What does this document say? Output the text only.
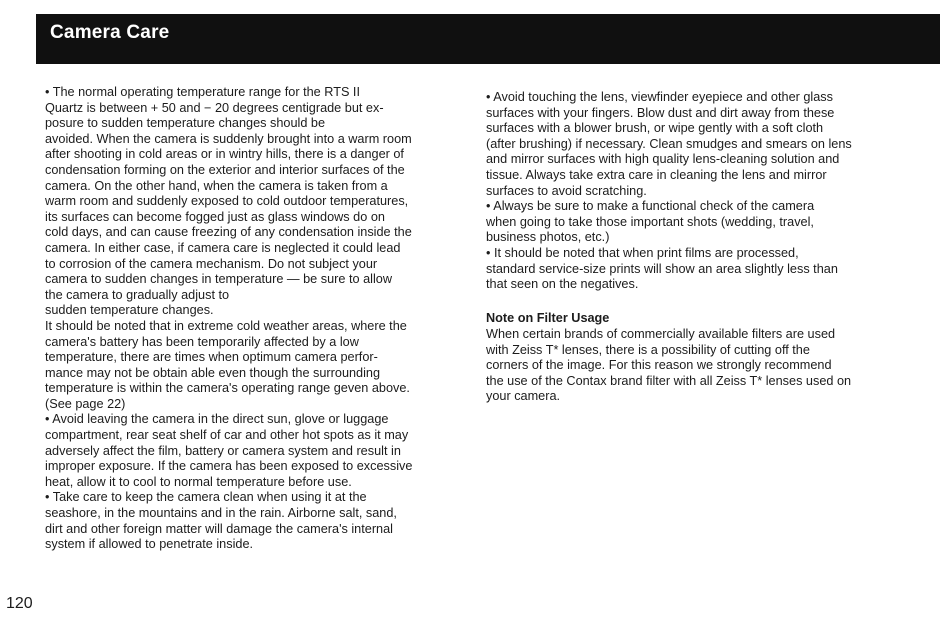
Camera Care
• The normal operating temperature range for the RTS II
Quartz is between + 50 and − 20 degrees centigrade but ex-
posure to sudden temperature changes should be
avoided. When the camera is suddenly brought into a warm room
after shooting in cold areas or in wintry hills, there is a danger of
condensation forming on the exterior and interior surfaces of the
camera. On the other hand, when the camera is taken from a
warm room and suddenly exposed to cold outdoor temperatures,
its surfaces can become fogged just as glass windows do on
cold days, and can cause freezing of any condensation inside the
camera. In either case, if camera care is neglected it could lead
to corrosion of the camera mechanism. Do not subject your
camera to sudden changes in temperature — be sure to allow
the camera to gradually adjust to
sudden temperature changes.
It should be noted that in extreme cold weather areas, where the
camera's battery has been temporarily affected by a low
temperature, there are times when optimum camera perfor-
mance may not be obtain able even though the surrounding
temperature is within the camera's operating range geven above.
(See page 22)
• Avoid leaving the camera in the direct sun, glove or luggage
compartment, rear seat shelf of car and other hot spots as it may
adversely affect the film, battery or camera system and result in
improper exposure. If the camera has been exposed to excessive
heat, allow it to cool to normal temperature before use.
• Take care to keep the camera clean when using it at the
seashore, in the mountains and in the rain. Airborne salt, sand,
dirt and other foreign matter will damage the camera's internal
system if allowed to penetrate inside.
• Avoid touching the lens, viewfinder eyepiece and other glass
surfaces with your fingers. Blow dust and dirt away from these
surfaces with a blower brush, or wipe gently with a soft cloth
(after brushing) if necessary. Clean smudges and smears on lens
and mirror surfaces with high quality lens-cleaning solution and
tissue. Always take extra care in cleaning the lens and mirror
surfaces to avoid scratching.
• Always be sure to make a functional check of the camera
when going to take those important shots (wedding, travel,
business photos, etc.)
• It should be noted that when print films are processed,
standard service-size prints will show an area slightly less than
that seen on the negatives.
Note on Filter Usage
When certain brands of commercially available filters are used
with Zeiss T* lenses, there is a possibility of cutting off the
corners of the image. For this reason we strongly recommend
the use of the Contax brand filter with all Zeiss T* lenses used on
your camera.
120
